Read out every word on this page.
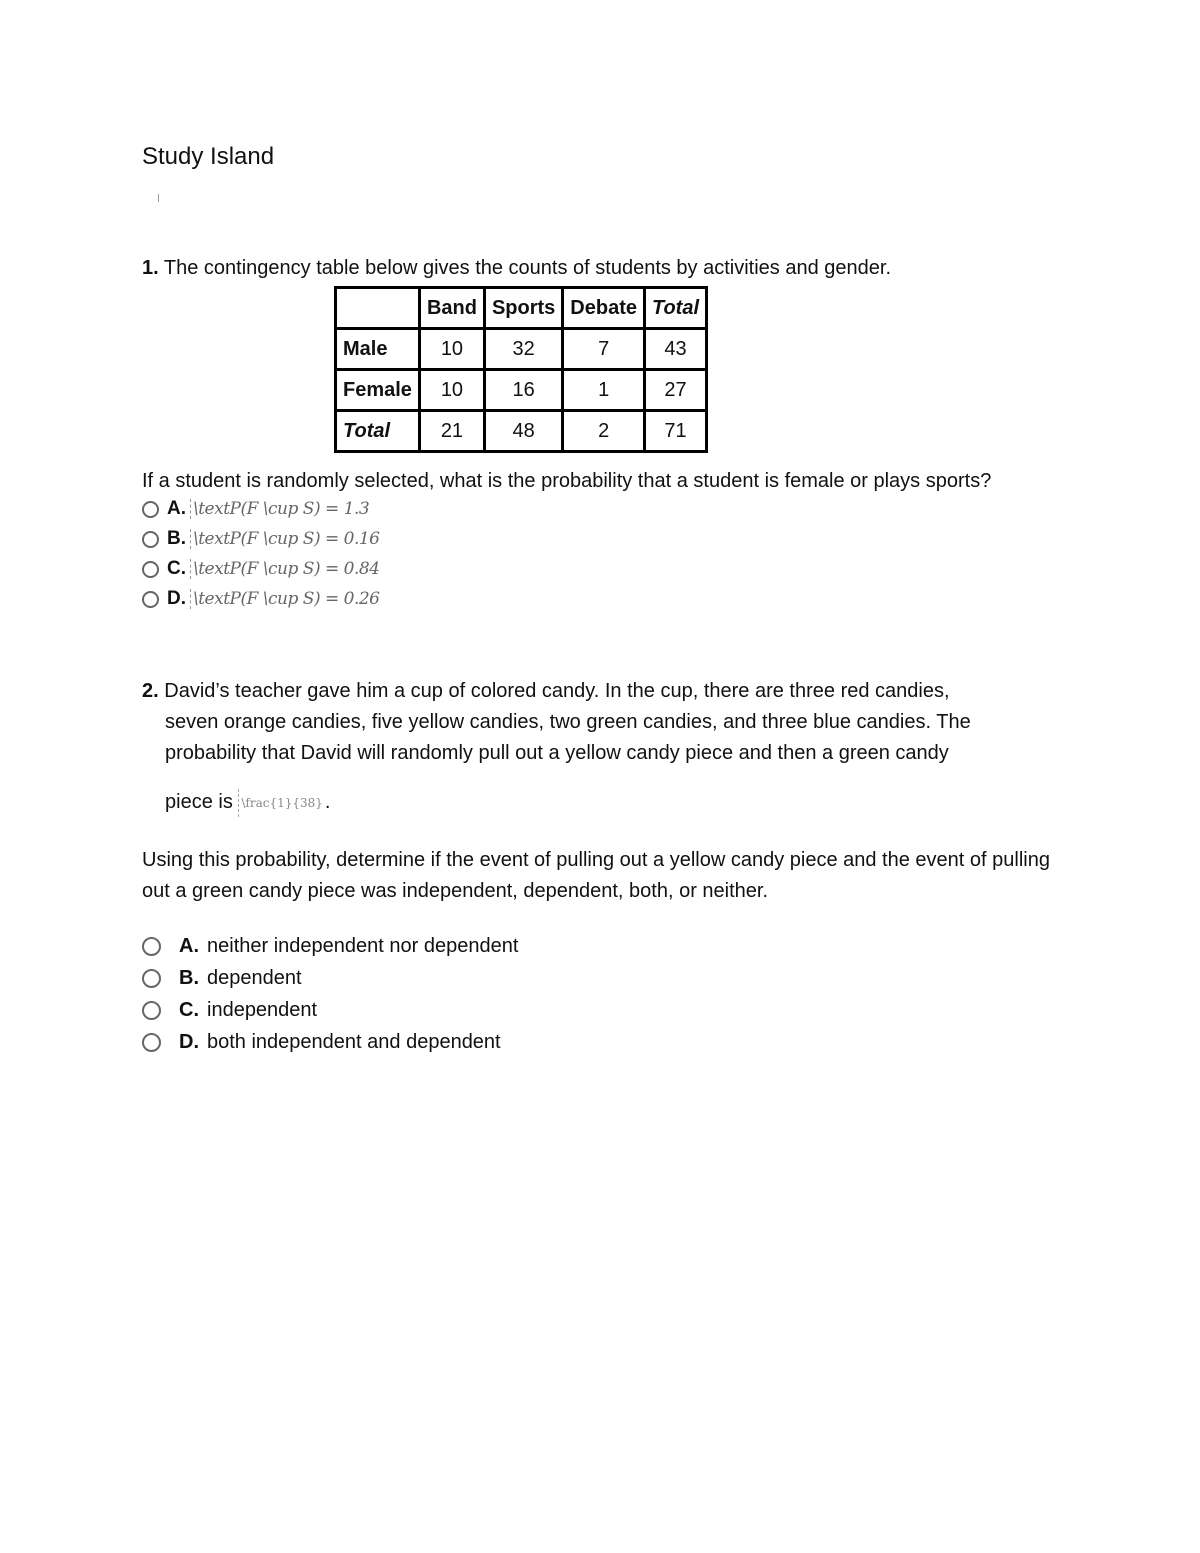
Study Island
1. The contingency table below gives the counts of students by activities and gender.
	Band	Sports	Debate	Total
Male	10	32	7	43
Female	10	16	1	27
Total	21	48	2	71
If a student is randomly selected, what is the probability that a student is female or plays sports?
A. \textP(F \cup S) = 1.3
B. \textP(F \cup S) = 0.16
C. \textP(F \cup S) = 0.84
D. \textP(F \cup S) = 0.26
2. David’s teacher gave him a cup of colored candy. In the cup, there are three red candies,
seven orange candies, five yellow candies, two green candies, and three blue candies. The
probability that David will randomly pull out a yellow candy piece and then a green candy
piece is \frac{1}{38} .
Using this probability, determine if the event of pulling out a yellow candy piece and the event of pulling out a green candy piece was independent, dependent, both, or neither.
A. neither independent nor dependent
B. dependent
C. independent
D. both independent and dependent
